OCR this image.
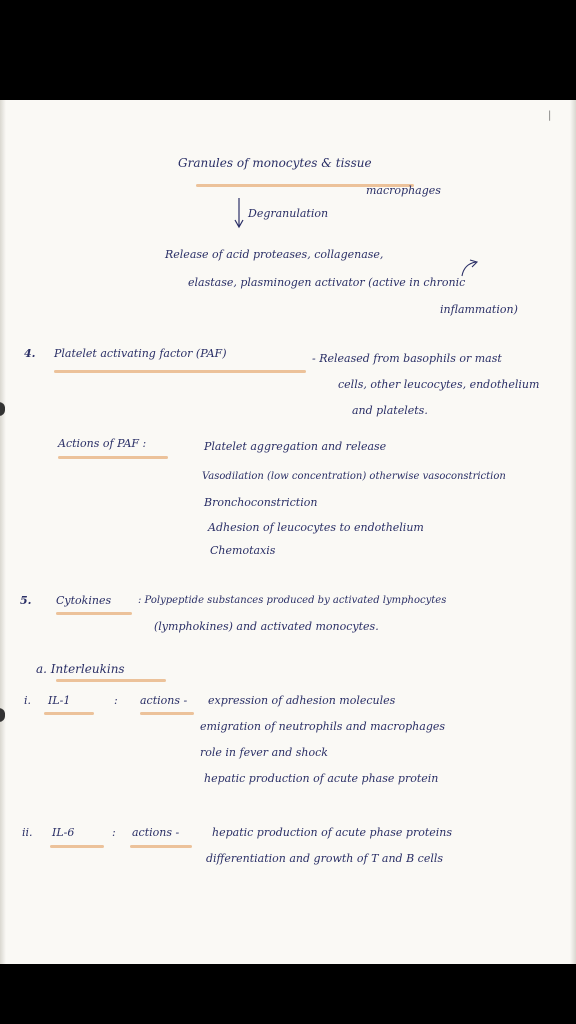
|
Granules of monocytes & tissue
macrophages
Degranulation
Release of acid proteases, collagenase,
elastase, plasminogen activator (active in chronic
inflammation)
4. Platelet activating factor (PAF)	- Released from basophils or mast
cells, other leucocytes, endothelium
and platelets.
Actions of PAF :	Platelet aggregation and release
Vasodilation (low concentration) otherwise vasoconstriction
Bronchoconstriction
Adhesion of leucocytes to endothelium
Chemotaxis
5. Cytokines	: Polypeptide substances produced by activated lymphocytes
(lymphokines) and activated monocytes.
a. Interleukins
i. IL-1	: actions - expression of adhesion molecules
emigration of neutrophils and macrophages
role in fever and shock
hepatic production of acute phase protein
ii. IL-6	: actions -	hepatic production of acute phase proteins
differentiation and growth of T and B cells
